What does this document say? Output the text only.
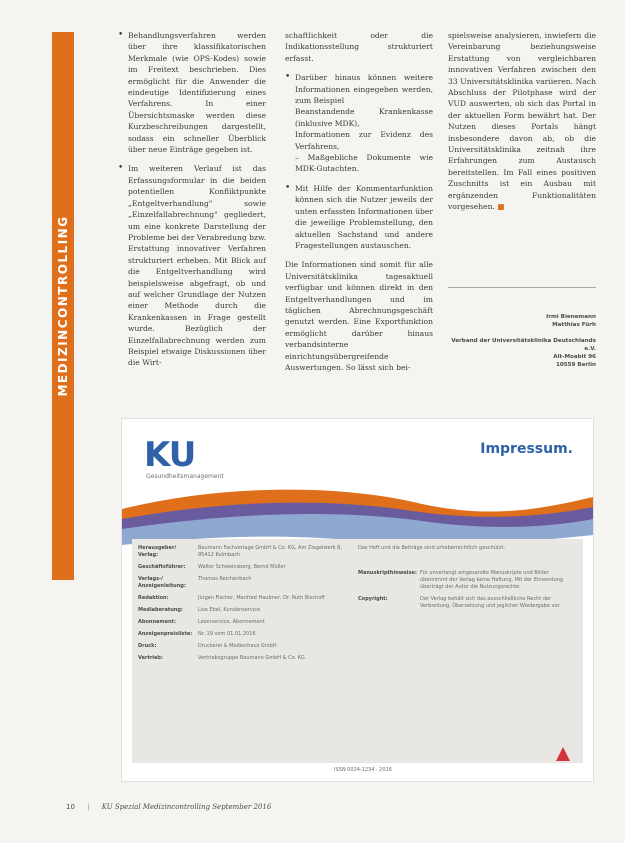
MEDIZINCONTROLLING

• Behandlungsverfahren werden über ihre klassifikatorischen Merkmale (wie OPS-Kodes) sowie im Freitext beschrieben. Dies ermöglicht für die Anwender die eindeutige Identifizierung eines Verfahrens. In einer Übersichtsmaske werden diese Kurzbeschreibungen dargestellt, sodass ein schneller Überblick über neue Einträge gegeben ist.

• Im weiteren Verlauf ist das Erfassungsformular in die beiden potentiellen Konfliktpunkte „Entgeltverhandlung" sowie „Einzelfallabrechnung" gegliedert, um eine konkrete Darstellung der Probleme bei der Verabredung bzw. Erstattung innovativer Verfahren strukturiert erheben. Mit Blick auf die Entgeltverhandlung wird beispielsweise abgefragt, ob und auf welcher Grundlage der Nutzen einer Methode durch die Krankenkassen in Frage gestellt wurde. Bezüglich der Einzelfallabrechnung werden zum Beispiel etwaige Diskussionen über die Wirt-

schaftlichkeit oder die Indikationsstellung strukturiert erfasst.

• Darüber hinaus können weitere Informationen eingegeben werden, zum Beispiel

Beanstandende Krankenkasse (inklusive MDK),

Informationen zur Evidenz des Verfahrens,

– Maßgebliche Dokumente wie MDK-Gutachten.

• Mit Hilfe der Kommentarfunktion können sich die Nutzer jeweils der unten erfassten Informationen über die jeweilige Problemstellung, den aktuellen Sachstand und andere Fragestellungen austauschen.

Die Informationen sind somit für alle Universitätsklinika tagesaktuell verfügbar und können direkt in den Entgeltverhandlungen und im täglichen Abrechnungsgeschäft genutzt werden. Eine Exportfunktion ermöglicht darüber hinaus verbandsinterne einrichtungsübergreifende Auswertungen. So lässt sich bei-

spielsweise analysieren, inwiefern die Vereinbarung beziehungsweise Erstattung von vergleichbaren innovativen Verfahren zwischen den 33 Universitätsklinika variieren. Nach Abschluss der Pilotphase wird der VUD auswerten, ob sich das Portal in der aktuellen Form bewährt hat. Der Nutzen dieses Portals hängt insbesondere davon ab, ob die Universitätsklinika zeitnah ihre Erfahrungen zum Austausch bereitstellen. Im Fall eines positiven Zuschnitts ist ein Ausbau mit ergänzenden Funktionalitäten vorgesehen. ■

Irmi Bienemann
Matthias Fürh
Verband der Universitätsklinika Deutschlands e.V.
Alt-Moabit 96
10559 Berlin
KU
Gesundheitsmanagement
Impressum.
Herausgeber/ Verlag:
Baumann Fachverlage GmbH & Co. KG, Am Ziegelwerk 8, 95412 Kulmbach
Geschäftsführer:	Walter Schweinsberg, Bernd Müller
Verlags-/ Anzeigenleitung:
Thomas Reichenbach
Redaktion:	Jürgen Fischer, Manfred Haubner, Dr. Ruth Bischoff
Mediaberatung:	Lisa Ebel, Kundenservice
Abonnement:	Leserservice, Abonnement
Anzeigenpreisliste:	Nr. 19 vom 01.01.2016
Druck:	Druckerei & Medienhaus GmbH
Vertrieb:	Vertriebsgruppe Baumann GmbH & Co. KG
Das Heft und die Beiträge sind urheberrechtlich geschützt.
Manuskripthinweise: Für unverlangt eingesandte Manuskripte und Bilder übernimmt der Verlag keine Haftung. Mit der Einsendung überträgt der Autor die Nutzungsrechte.
Copyright:	Der Verlag behält sich das ausschließliche Recht der Verbreitung, Übersetzung und jeglicher Wiedergabe vor.
ISSN 0024-1234 · 2016
10 | KU Spezial Medizincontrolling September 2016
